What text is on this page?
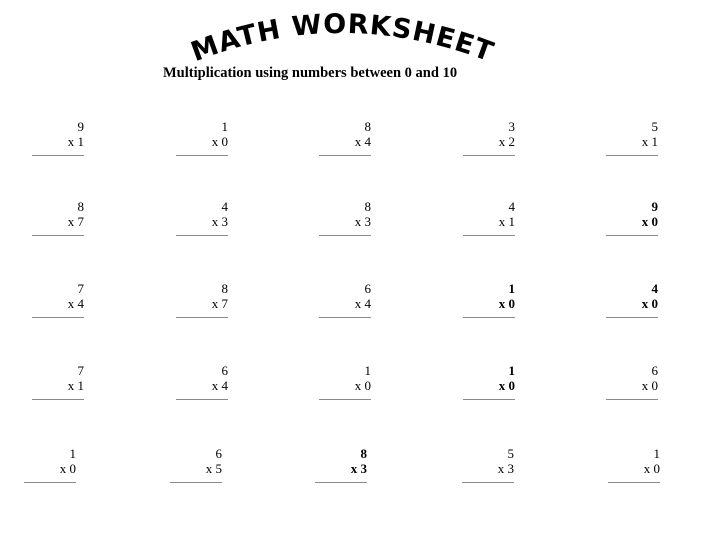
MATH WORKSHEET
Multiplication using numbers between 0 and 10
9
x 1
1
x 0
8
x 4
3
x 2
5
x 1
8
x 7
4
x 3
8
x 3
4
x 1
9
x 0
7
x 4
8
x 7
6
x 4
1
x 0
4
x 0
7
x 1
6
x 4
1
x 0
1
x 0
6
x 0
1
x 0
6
x 5
8
x 3
5
x 3
1
x 0
